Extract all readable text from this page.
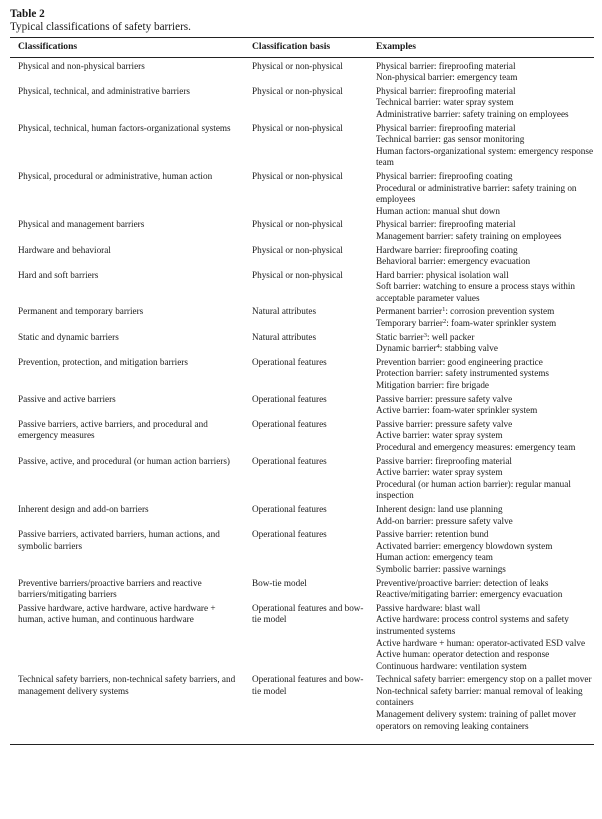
Table 2
Typical classifications of safety barriers.
Classifications	Classification basis	Examples
Physical and non-physical barriers	Physical or non-physical	Physical barrier: fireproofing material
Non-physical barrier: emergency team

Physical, technical, and administrative barriers	Physical or non-physical	Physical barrier: fireproofing material
Technical barrier: water spray system
Administrative barrier: safety training on employees

Physical, technical, human factors-organizational systems	Physical or non-physical	Physical barrier: fireproofing material
Technical barrier: gas sensor monitoring
Human factors-organizational system: emergency response team

Physical, procedural or administrative, human action	Physical or non-physical	Physical barrier: fireproofing coating
Procedural or administrative barrier: safety training on employees
Human action: manual shut down

Physical and management barriers	Physical or non-physical	Physical barrier: fireproofing material
Management barrier: safety training on employees

Hardware and behavioral	Physical or non-physical	Hardware barrier: fireproofing coating
Behavioral barrier: emergency evacuation

Hard and soft barriers	Physical or non-physical	Hard barrier: physical isolation wall
Soft barrier: watching to ensure a process stays within acceptable parameter values

Permanent and temporary barriers	Natural attributes	Permanent barrier$^1$: corrosion prevention system
Temporary barrier$^2$: foam-water sprinkler system

Static and dynamic barriers	Natural attributes	Static barrier$^3$: well packer
Dynamic barrier$^4$: stabbing valve

Prevention, protection, and mitigation barriers	Operational features	Prevention barrier: good engineering practice
Protection barrier: safety instrumented systems
Mitigation barrier: fire brigade

Passive and active barriers	Operational features	Passive barrier: pressure safety valve
Active barrier: foam-water sprinkler system

Passive barriers, active barriers, and procedural and emergency measures	Operational features	Passive barrier: pressure safety valve
Active barrier: water spray system
Procedural and emergency measures: emergency team

Passive, active, and procedural (or human action barriers)	Operational features	Passive barrier: fireproofing material
Active barrier: water spray system
Procedural (or human action barrier): regular manual inspection

Inherent design and add-on barriers	Operational features	Inherent design: land use planning
Add-on barrier: pressure safety valve

Passive barriers, activated barriers, human actions, and symbolic barriers	Operational features	Passive barrier: retention bund
Activated barrier: emergency blowdown system
Human action: emergency team
Symbolic barrier: passive warnings

Preventive barriers/proactive barriers and reactive barriers/mitigating barriers	Bow-tie model	Preventive/proactive barrier: detection of leaks
Reactive/mitigating barrier: emergency evacuation

Passive hardware, active hardware, active hardware + human, active human, and continuous hardware	Operational features and bow-tie model	Passive hardware: blast wall
Active hardware: process control systems and safety instrumented systems
Active hardware + human: operator-activated ESD valve
Active human: operator detection and response
Continuous hardware: ventilation system

Technical safety barriers, non-technical safety barriers, and management delivery systems	Operational features and bow-tie model	Technical safety barrier: emergency stop on a pallet mover
Non-technical safety barrier: manual removal of leaking containers
Management delivery system: training of pallet mover operators on removing leaking containers
